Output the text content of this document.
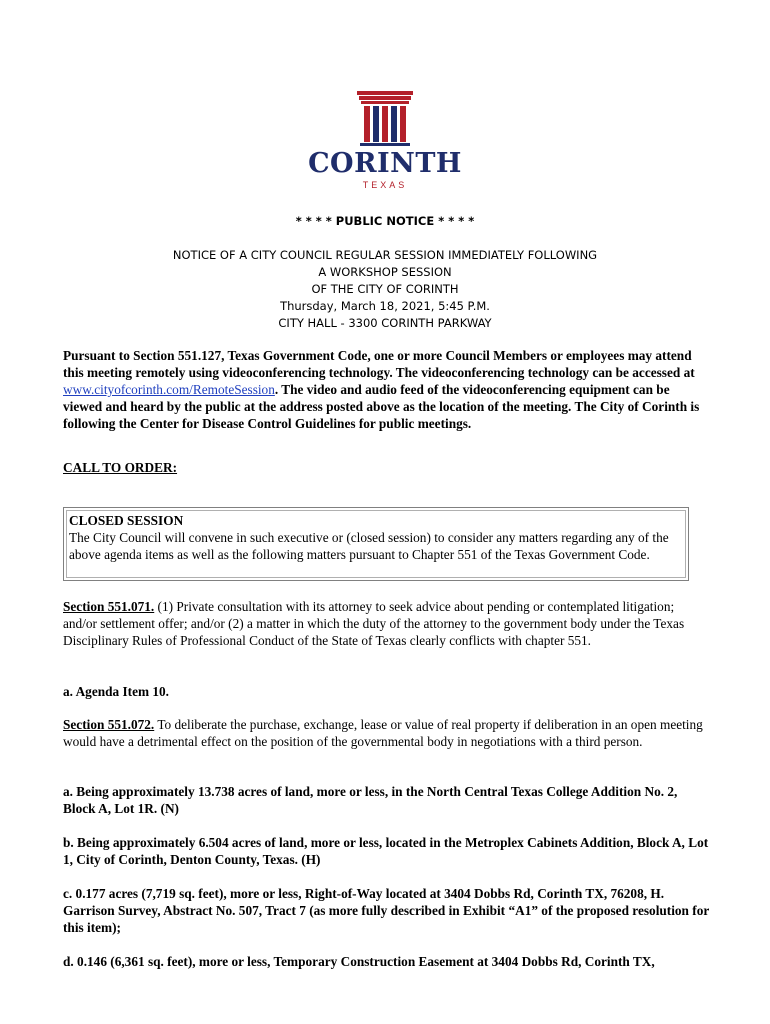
CORINTH
TEXAS
* * * * PUBLIC NOTICE * * * *
NOTICE OF A CITY COUNCIL REGULAR SESSION IMMEDIATELY FOLLOWING
A WORKSHOP SESSION
OF THE CITY OF CORINTH
Thursday, March 18, 2021, 5:45 P.M.
CITY HALL - 3300 CORINTH PARKWAY
Pursuant to Section 551.127, Texas Government Code, one or more Council Members or employees may attend this meeting remotely using videoconferencing technology. The videoconferencing technology can be accessed at www.cityofcorinth.com/RemoteSession. The video and audio feed of the videoconferencing equipment can be viewed and heard by the public at the address posted above as the location of the meeting. The City of Corinth is following the Center for Disease Control Guidelines for public meetings.
CALL TO ORDER:
CLOSED SESSION
The City Council will convene in such executive or (closed session) to consider any matters regarding any of the above agenda items as well as the following matters pursuant to Chapter 551 of the Texas Government Code.
Section 551.071. (1) Private consultation with its attorney to seek advice about pending or contemplated litigation; and/or settlement offer; and/or (2) a matter in which the duty of the attorney to the government body under the Texas Disciplinary Rules of Professional Conduct of the State of Texas clearly conflicts with chapter 551.
a. Agenda Item 10.
Section 551.072. To deliberate the purchase, exchange, lease or value of real property if deliberation in an open meeting would have a detrimental effect on the position of the governmental body in negotiations with a third person.
a. Being approximately 13.738 acres of land, more or less, in the North Central Texas College Addition No. 2, Block A, Lot 1R. (N)
b. Being approximately 6.504 acres of land, more or less, located in the Metroplex Cabinets Addition, Block A, Lot 1, City of Corinth, Denton County, Texas. (H)
c. 0.177 acres (7,719 sq. feet), more or less, Right-of-Way located at 3404 Dobbs Rd, Corinth TX, 76208, H. Garrison Survey, Abstract No. 507, Tract 7 (as more fully described in Exhibit “A1” of the proposed resolution for this item);
d. 0.146 (6,361 sq. feet), more or less, Temporary Construction Easement at 3404 Dobbs Rd, Corinth TX,
